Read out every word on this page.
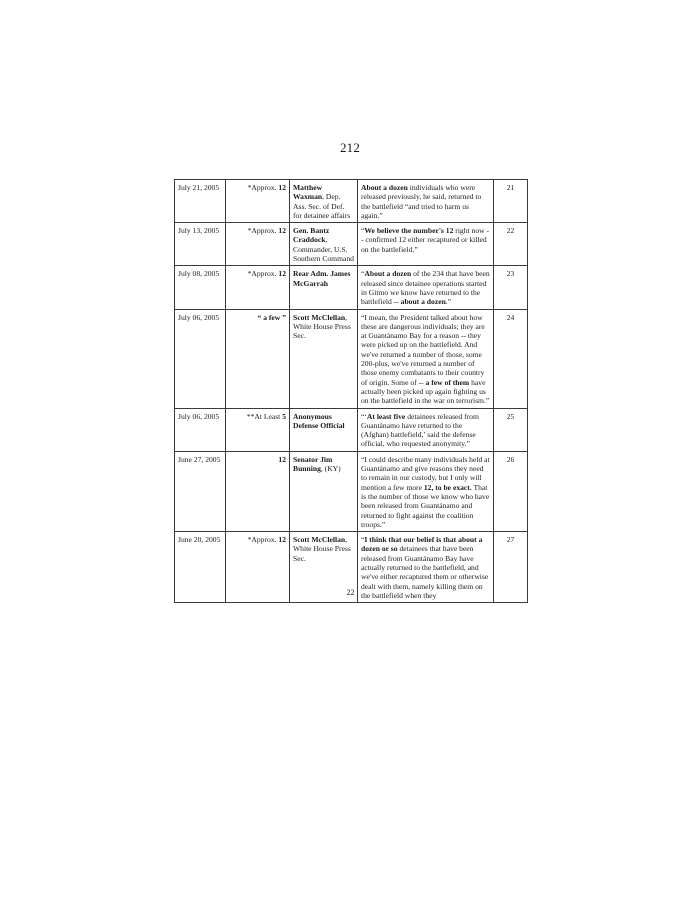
212
July 21, 2005	*Approx. 12	Matthew Waxman, Dep. Ass. Sec. of Def. for detainee affairs	About a dozen individuals who were released previously, he said, returned to the battlefield “and tried to harm us again.”	21
July 13, 2005	*Approx. 12	Gen. Bantz Craddock, Commander, U.S. Southern Command	“We believe the number's 12 right now -- confirmed 12 either recaptured or killed on the battlefield.”	22
July 08, 2005	*Approx. 12	Rear Adm. James McGarrah	“About a dozen of the 234 that have been released since detainee operations started in Gitmo we know have returned to the battlefield -- about a dozen.”	23
July 06, 2005	“ a few ”	Scott McClellan, White House Press Sec.	“I mean, the President talked about how these are dangerous individuals; they are at Guantánamo Bay for a reason -- they were picked up on the battlefield. And we've returned a number of those, some 200-plus, we've returned a number of those enemy combatants to their country of origin. Some of -- a few of them have actually been picked up again fighting us on the battlefield in the war on terrorism.”	24
July 06, 2005	**At Least 5	Anonymous Defense Official	“‘At least five detainees released from Guantánamo have returned to the (Afghan) battlefield,’ said the defense official, who requested anonymity.”	25
June 27, 2005	12	Senator Jim Bunning, (KY)	“I could describe many individuals held at Guantánamo and give reasons they need to remain in our custody, but I only will mention a few more 12, to be exact. That is the number of those we know who have been released from Guantánamo and returned to fight against the coalition troops.”	26
June 20, 2005	*Approx. 12	Scott McClellan, White House Press Sec.	“I think that our belief is that about a dozen or so detainees that have been released from Guantánamo Bay have actually returned to the battlefield, and we've either recaptured them or otherwise dealt with them, namely killing them on the battlefield when they	27
22
